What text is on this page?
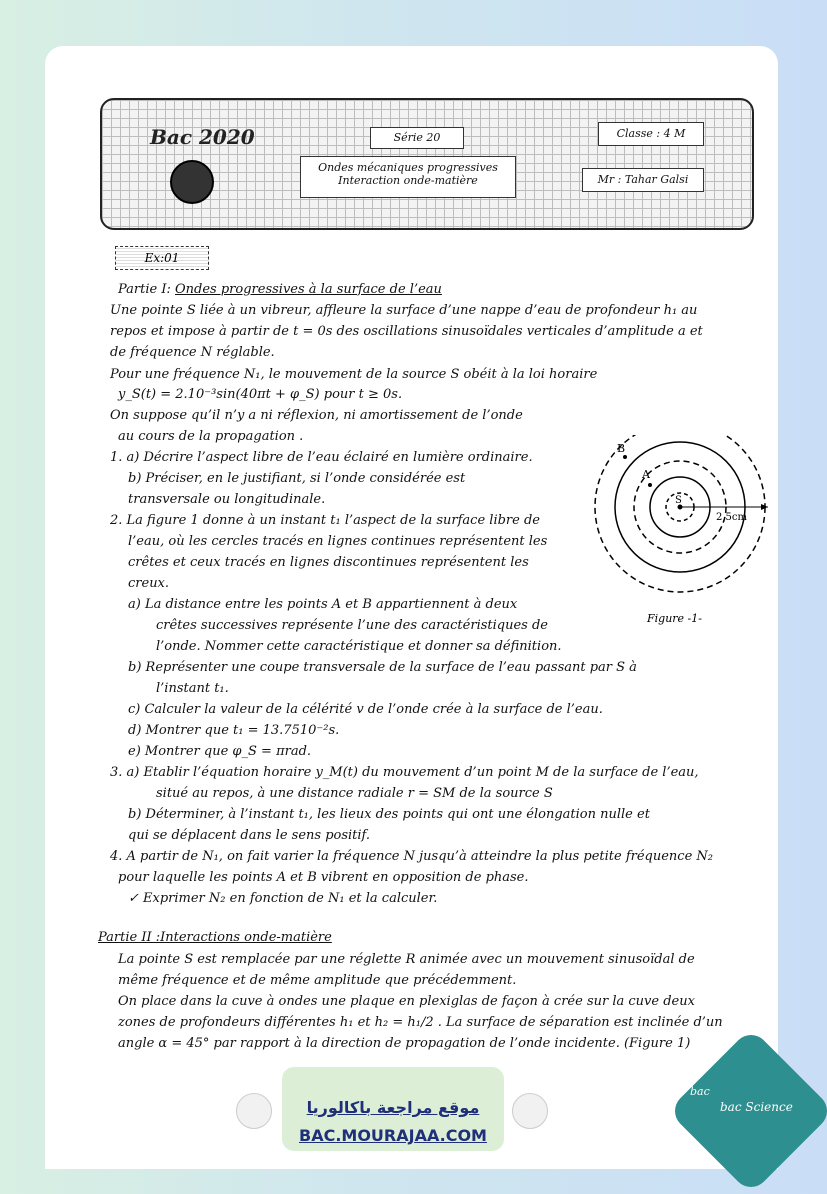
Bac 2020	Série 20	Classe : 4 M
Ondes mécaniques progressives
Interaction onde-matière	Mr : Tahar Galsi
Ex:01
Partie I: Ondes progressives à la surface de l’eau
Une pointe S liée à un vibreur, affleure la surface d’une nappe d’eau de profondeur h₁ au
repos et impose à partir de t = 0s des oscillations sinusoïdales verticales d’amplitude a et
de fréquence N réglable.
Pour une fréquence N₁, le mouvement de la source S obéit à la loi horaire
y_S(t) = 2.10⁻³sin(40πt + φ_S) pour t ≥ 0s.
On suppose qu’il n’y a ni réflexion, ni amortissement de l’onde
au cours de la propagation .
1. a) Décrire l’aspect libre de l’eau éclairé en lumière ordinaire.
b) Préciser, en le justifiant, si l’onde considérée est
transversale ou longitudinale.
2. La figure 1 donne à un instant t₁ l’aspect de la surface libre de
l’eau, où les cercles tracés en lignes continues représentent les
crêtes et ceux tracés en lignes discontinues représentent les
creux.
a) La distance entre les points A et B appartiennent à deux
crêtes successives représente l’une des caractéristiques de
l’onde. Nommer cette caractéristique et donner sa définition.
b) Représenter une coupe transversale de la surface de l’eau passant par S à
l’instant t₁.
c) Calculer la valeur de la célérité v de l’onde crée à la surface de l’eau.
d) Montrer que t₁ = 13.7510⁻²s.
e) Montrer que φ_S = πrad.
3. a) Etablir l’équation horaire y_M(t) du mouvement d’un point M de la surface de l’eau,
situé au repos, à une distance radiale r = SM de la source S
b) Déterminer, à l’instant t₁, les lieux des points qui ont une élongation nulle et
qui se déplacent dans le sens positif.
4. A partir de N₁, on fait varier la fréquence N jusqu’à atteindre la plus petite fréquence N₂
pour laquelle les points A et B vibrent en opposition de phase.
✓ Exprimer N₂ en fonction de N₁ et la calculer.
Partie II :Interactions onde-matière
La pointe S est remplacée par une réglette R animée avec un mouvement sinusoïdal de
même fréquence et de même amplitude que précédemment.
On place dans la cuve à ondes une plaque en plexiglas de façon à crée sur la cuve deux
zones de profondeurs différentes h₁ et h₂ = h₁/2 . La surface de séparation est inclinée d’un
angle α = 45° par rapport à la direction de propagation de l’onde incidente. (Figure 1)
B
A
S
2,5cm
Figure -1-
موقع مراجعة باكالوريا
BAC.MOURAJAA.COM
bac
bac Science
